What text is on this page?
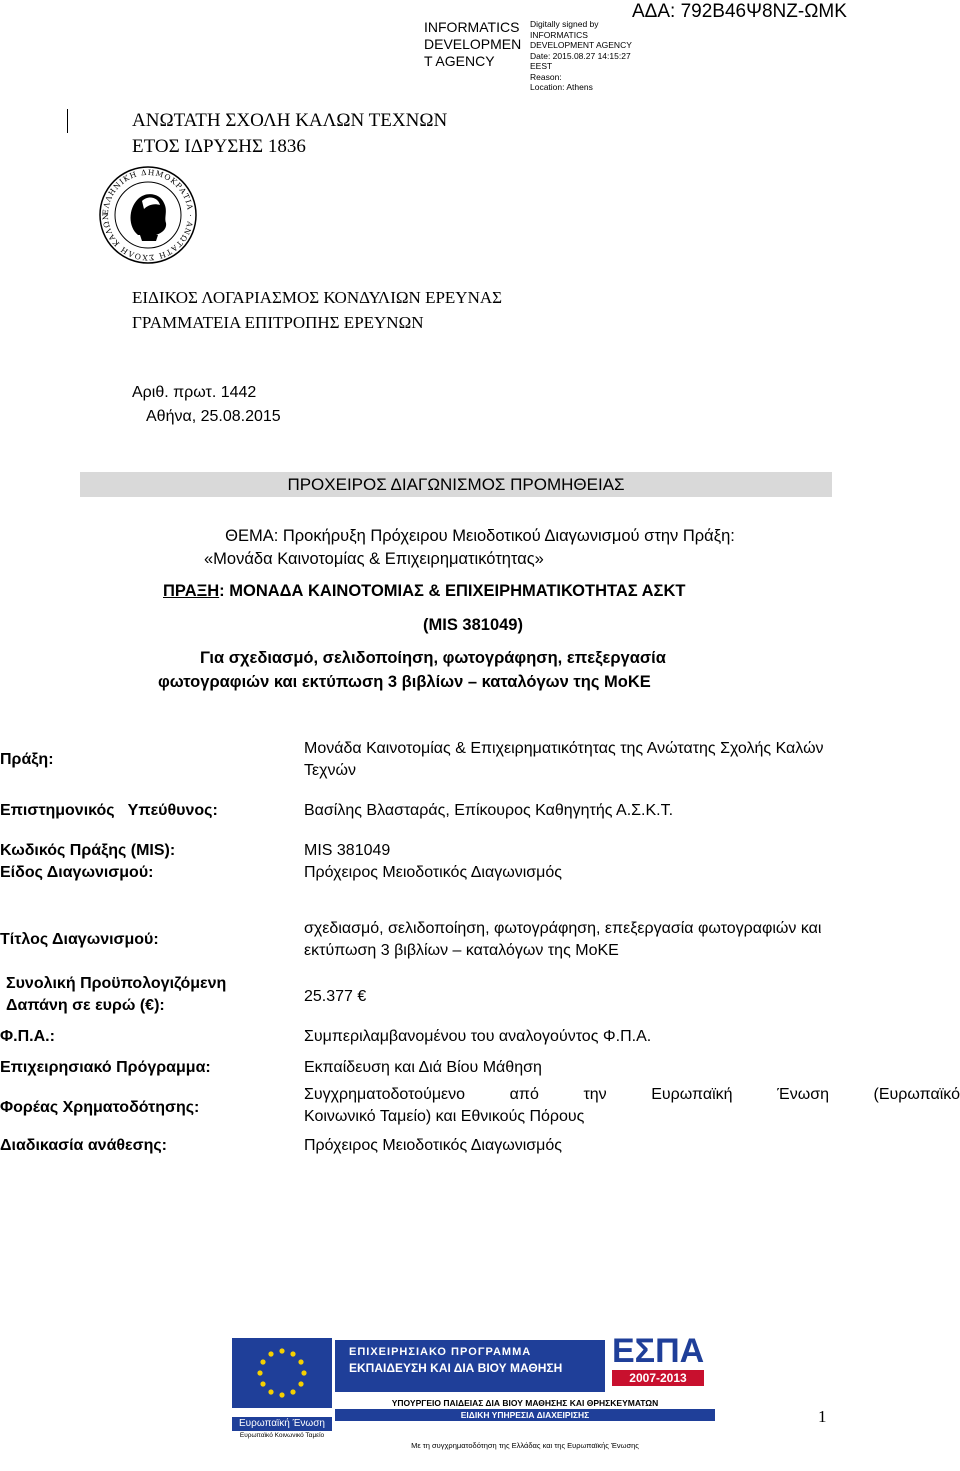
INFORMATICS
DEVELOPMEN
T AGENCY
Digitally signed by
INFORMATICS
DEVELOPMENT AGENCY
Date: 2015.08.27 14:15:27
EEST
Reason:
Location: Athens
ΑΔΑ: 792Β46Ψ8ΝΖ-ΩΜΚ
ΑΝΩΤΑΤΗ ΣΧΟΛΗ ΚΑΛΩΝ ΤΕΧΝΩΝ
ΕΤΟΣ ΙΔΡΥΣΗΣ 1836
ΕΛΛΗΝΙΚΗ ΔΗΜΟΚΡΑΤΙΑ · ΑΝΩΤΑΤΗ ΣΧΟΛΗ ΚΑΛΩΝ
ΕΙΔΙΚΟΣ ΛΟΓΑΡΙΑΣΜΟΣ ΚΟΝΔΥΛΙΩΝ ΕΡΕΥΝΑΣ
ΓΡΑΜΜΑΤΕΙΑ ΕΠΙΤΡΟΠΗΣ ΕΡΕΥΝΩΝ
Αριθ. πρωτ. 1442
Αθήνα, 25.08.2015
ΠΡΟΧΕΙΡΟΣ ΔΙΑΓΩΝΙΣΜΟΣ ΠΡΟΜΗΘΕΙΑΣ
ΘΕΜΑ: Προκήρυξη Πρόχειρου Μειοδοτικού Διαγωνισμού στην Πράξη:
«Μονάδα Καινοτομίας & Επιχειρηματικότητας»
ΠΡΑΞΗ: ΜΟΝΑΔΑ ΚΑΙΝΟΤΟΜΙΑΣ & ΕΠΙΧΕΙΡΗΜΑΤΙΚΟΤΗΤΑΣ ΑΣΚΤ
(MIS 381049)
Για σχεδιασμό, σελιδοποίηση, φωτογράφηση, επεξεργασία
φωτογραφιών και εκτύπωση 3 βιβλίων – καταλόγων της ΜοΚΕ
Πράξη:
Μονάδα Καινοτομίας & Επιχειρηματικότητας της Ανώτατης Σχολής Καλών
Τεχνών
Επιστημονικός   Υπεύθυνος:	Βασίλης Βλασταράς, Επίκουρος Καθηγητής Α.Σ.Κ.Τ.
Κωδικός Πράξης (MIS):	MIS 381049
Είδος Διαγωνισμού:	Πρόχειρος Μειοδοτικός Διαγωνισμός
Τίτλος Διαγωνισμού:
σχεδιασμό, σελιδοποίηση, φωτογράφηση, επεξεργασία φωτογραφιών και
εκτύπωση 3 βιβλίων – καταλόγων της ΜοΚΕ
Συνολική Προϋπολογιζόμενη
Δαπάνη σε ευρώ (€):
25.377 €
Φ.Π.Α.:	Συμπεριλαμβανομένου του αναλογούντος Φ.Π.Α.
Επιχειρησιακό Πρόγραμμα:	Εκπαίδευση και Διά Βίου Μάθηση
Φορέας Χρηματοδότησης:
Συγχρηματοδοτούμενο από την Ευρωπαϊκή Ένωση (Ευρωπαϊκό
Κοινωνικό Ταμείο) και Εθνικούς Πόρους
Διαδικασία ανάθεσης:	Πρόχειρος Μειοδοτικός Διαγωνισμός
Ευρωπαϊκή Ένωση
Ευρωπαϊκό Κοινωνικό Ταμείο
ΕΠΙΧΕΙΡΗΣΙΑΚΟ ΠΡΟΓΡΑΜΜΑ
ΕΚΠΑΙΔΕΥΣΗ ΚΑΙ ΔΙΑ ΒΙΟΥ ΜΑΘΗΣΗ	ΕΣΠΑ
2007-2013
ΥΠΟΥΡΓΕΙΟ ΠΑΙΔΕΙΑΣ ΔΙΑ ΒΙΟΥ ΜΑΘΗΣΗΣ ΚΑΙ ΘΡΗΣΚΕΥΜΑΤΩΝ
ΕΙΔΙΚΗ ΥΠΗΡΕΣΙΑ ΔΙΑΧΕΙΡΙΣΗΣ
Με τη συγχρηματοδότηση της Ελλάδας και της Ευρωπαϊκής Ένωσης
1
